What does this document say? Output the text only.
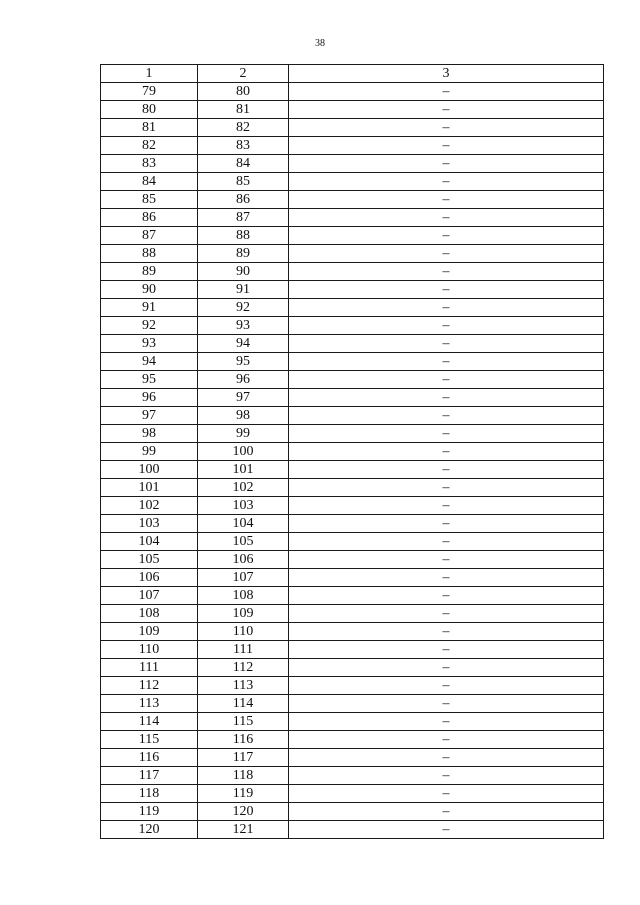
38
1	2	3
79	80	–
80	81	–
81	82	–
82	83	–
83	84	–
84	85	–
85	86	–
86	87	–
87	88	–
88	89	–
89	90	–
90	91	–
91	92	–
92	93	–
93	94	–
94	95	–
95	96	–
96	97	–
97	98	–
98	99	–
99	100	–
100	101	–
101	102	–
102	103	–
103	104	–
104	105	–
105	106	–
106	107	–
107	108	–
108	109	–
109	110	–
110	111	–
111	112	–
112	113	–
113	114	–
114	115	–
115	116	–
116	117	–
117	118	–
118	119	–
119	120	–
120	121	–
